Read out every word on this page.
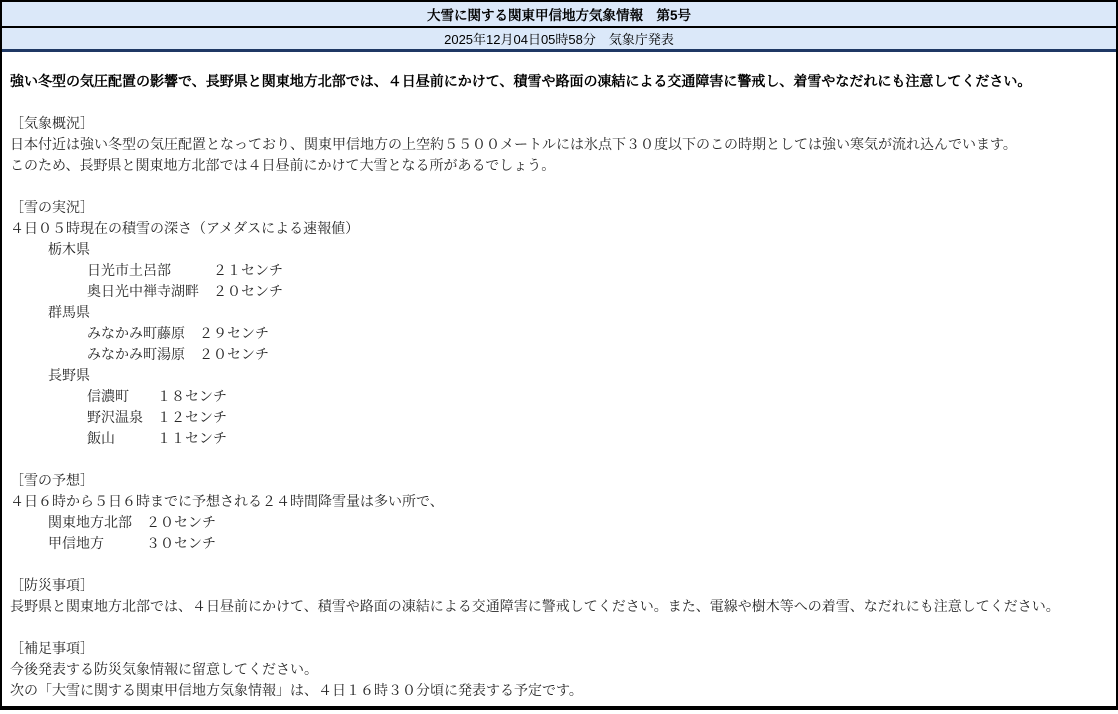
大雪に関する関東甲信地方気象情報　第5号
2025年12月04日05時58分　気象庁発表
強い冬型の気圧配置の影響で、長野県と関東地方北部では、４日昼前にかけて、積雪や路面の凍結による交通障害に警戒し、着雪やなだれにも注意してください。
［気象概況］
日本付近は強い冬型の気圧配置となっており、関東甲信地方の上空約５５００メートルには氷点下３０度以下のこの時期としては強い寒気が流れ込んでいます。
このため、長野県と関東地方北部では４日昼前にかけて大雪となる所があるでしょう。
［雪の実況］
４日０５時現在の積雪の深さ（アメダスによる速報値）
栃木県
日光市土呂部　　　２１センチ
奥日光中禅寺湖畔　２０センチ
群馬県
みなかみ町藤原　２９センチ
みなかみ町湯原　２０センチ
長野県
信濃町　　１８センチ
野沢温泉　１２センチ
飯山　　　１１センチ
［雪の予想］
４日６時から５日６時までに予想される２４時間降雪量は多い所で、
関東地方北部　２０センチ
甲信地方　　　３０センチ
［防災事項］
長野県と関東地方北部では、４日昼前にかけて、積雪や路面の凍結による交通障害に警戒してください。また、電線や樹木等への着雪、なだれにも注意してください。
［補足事項］
今後発表する防災気象情報に留意してください。
次の「大雪に関する関東甲信地方気象情報」は、４日１６時３０分頃に発表する予定です。
